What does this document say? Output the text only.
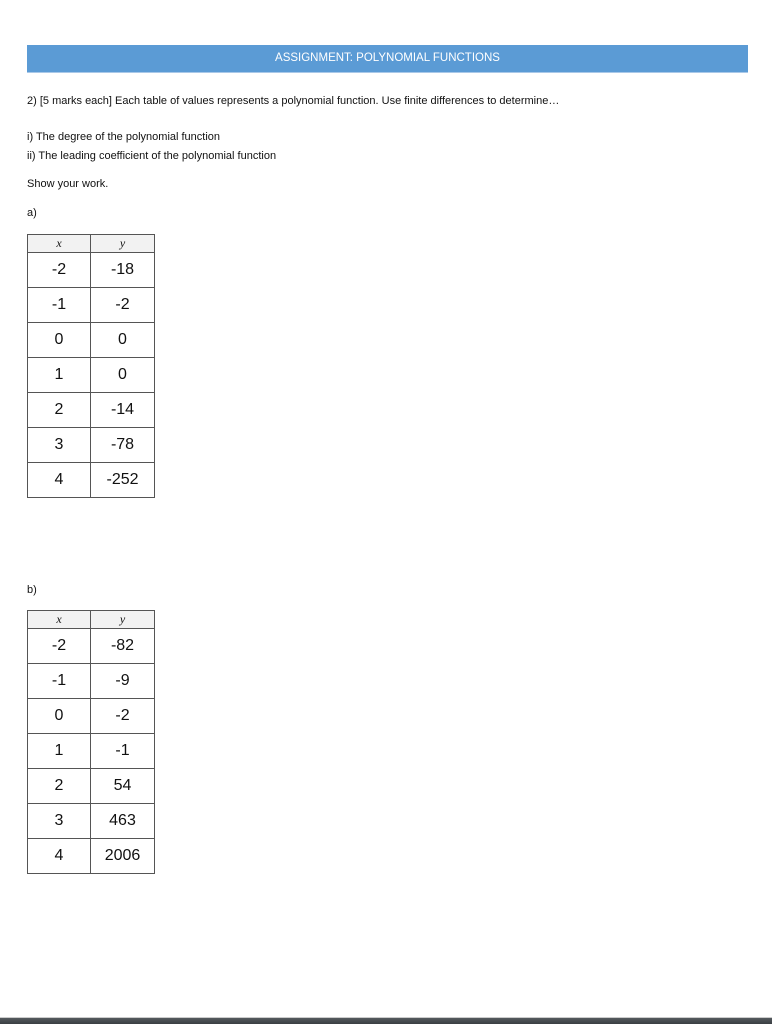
ASSIGNMENT: POLYNOMIAL FUNCTIONS
2) [5 marks each] Each table of values represents a polynomial function. Use finite differences to determine…
i) The degree of the polynomial function
ii) The leading coefficient of the polynomial function
Show your work.
a)
x	y
-2	-18
-1	-2
0	0
1	0
2	-14
3	-78
4	-252
b)
x	y
-2	-82
-1	-9
0	-2
1	-1
2	54
3	463
4	2006
